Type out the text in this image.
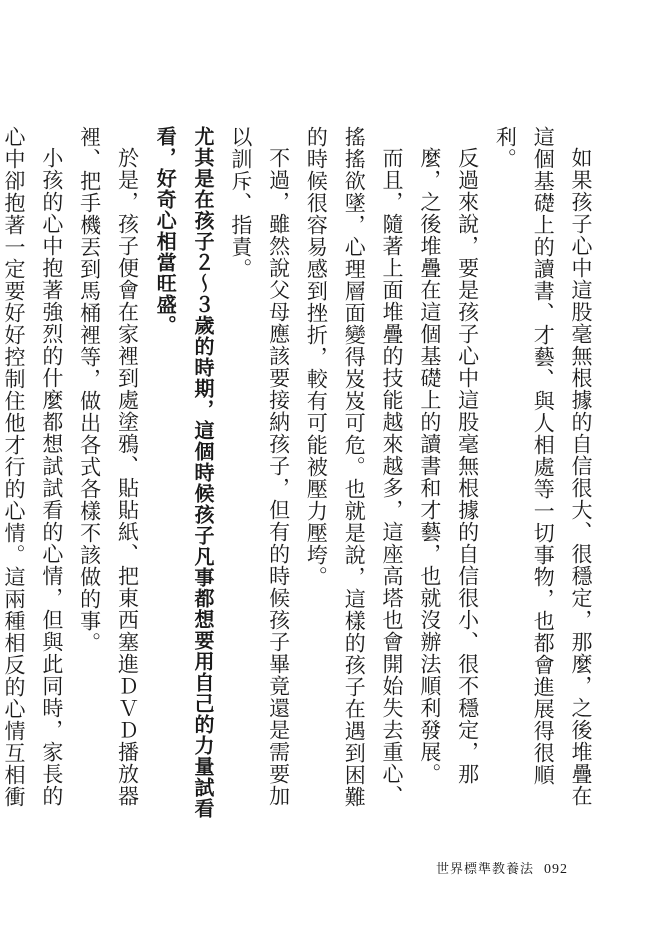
如果孩子心中這股毫無根據的自信很大、很穩定，那麼，之後堆疊在這個基礎上的讀書、才藝、與人相處等一切事物，也都會進展得很順利。

反過來說，要是孩子心中這股毫無根據的自信很小、很不穩定，那麼，之後堆疊在這個基礎上的讀書和才藝，也就沒辦法順利發展。

而且，隨著上面堆疊的技能越來越多，這座高塔也會開始失去重心、搖搖欲墜，心理層面變得岌岌可危。也就是說，這樣的孩子在遇到困難的時候很容易感到挫折，較有可能被壓力壓垮。

不過，雖然說父母應該要接納孩子，但有的時候孩子畢竟還是需要加以訓斥、指責。

尤其是在孩子２～３歲的時期，這個時候孩子凡事都想要用自己的力量試看看，好奇心相當旺盛。

於是，孩子便會在家裡到處塗鴉、貼貼紙、把東西塞進ＤＶＤ播放器裡、把手機丟到馬桶裡等，做出各式各樣不該做的事。

小孩的心中抱著強烈的什麼都想試試看的心情，但與此同時，家長的心中卻抱著一定要好好控制住他才行的心情。這兩種相反的心情互相衝

世界標準教養法 092
